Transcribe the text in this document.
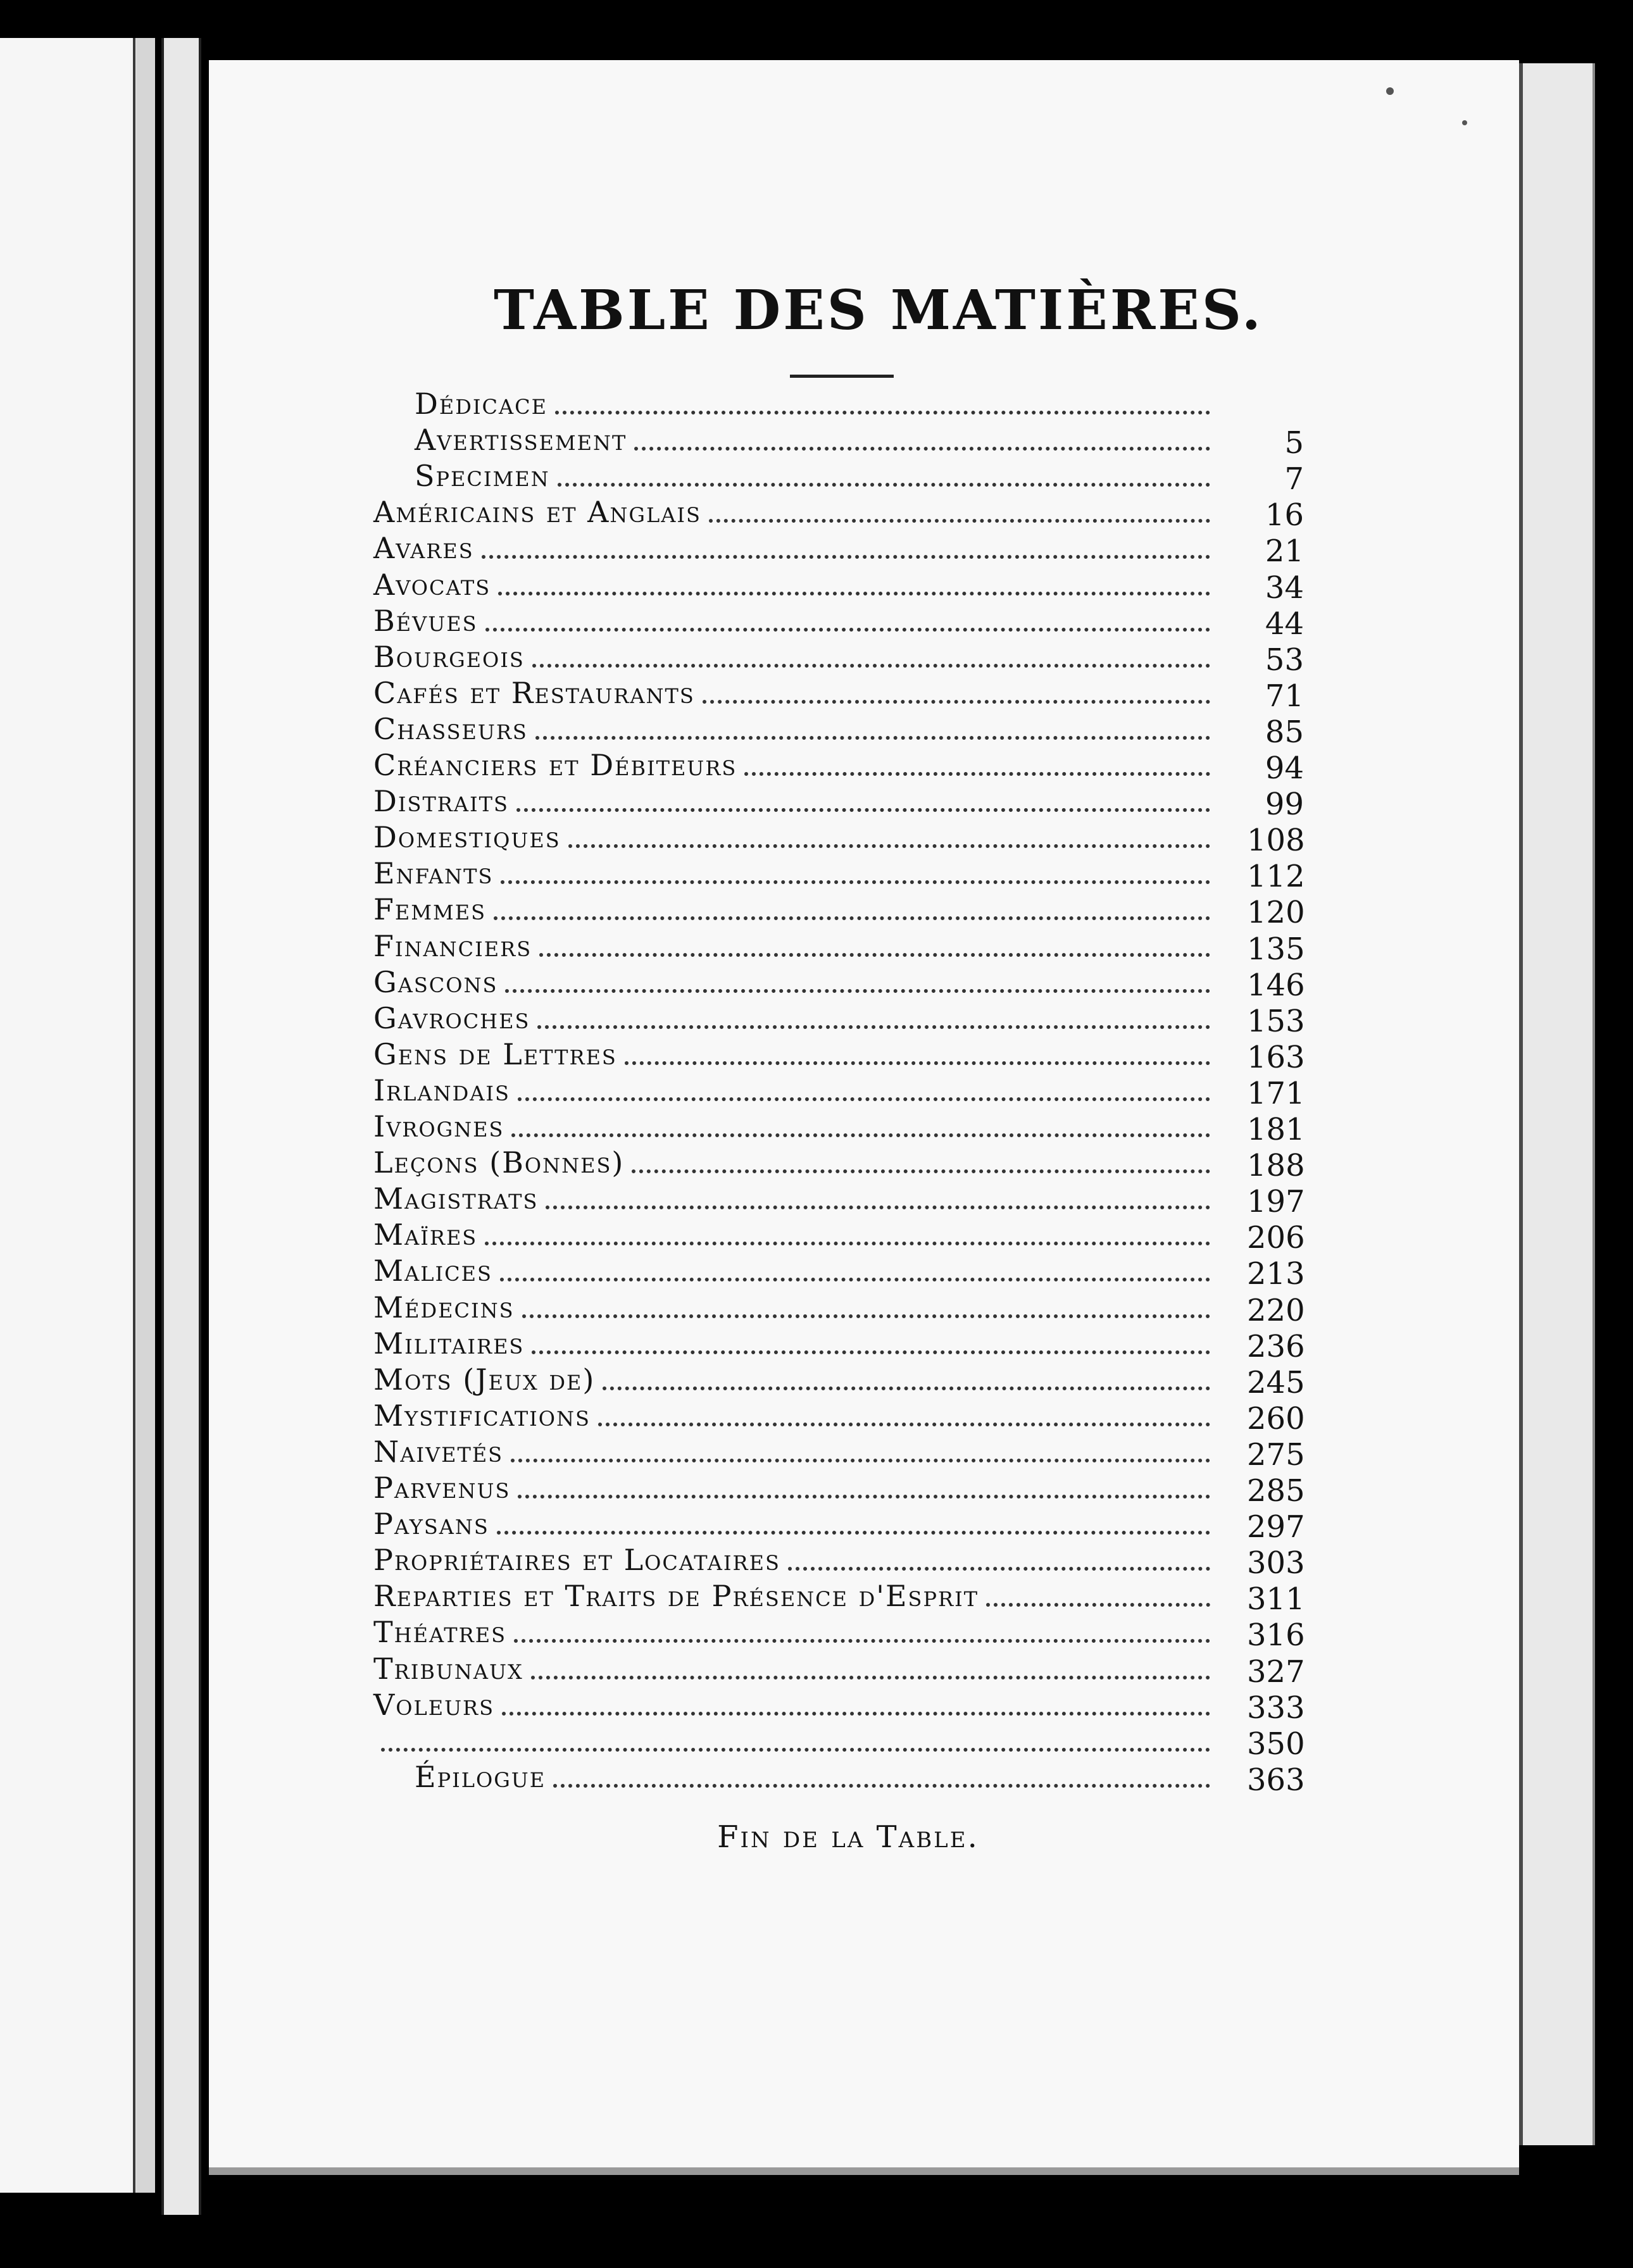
TABLE DES MATIÈRES.
Dédicace
Avertissement	5
Specimen	7
Américains et Anglais	16
Avares	21
Avocats	34
Bévues	44
Bourgeois	53
Cafés et Restaurants	71
Chasseurs	85
Créanciers et Débiteurs	94
Distraits	99
Domestiques	108
Enfants	112
Femmes	120
Financiers	135
Gascons	146
Gavroches	153
Gens de Lettres	163
Irlandais	171
Ivrognes	181
Leçons (Bonnes)	188
Magistrats	197
Maïres	206
Malices	213
Médecins	220
Militaires	236
Mots (Jeux de)	245
Mystifications	260
Naivetés	275
Parvenus	285
Paysans	297
Propriétaires et Locataires	303
Reparties et Traits de Présence d'Esprit	311
Théatres	316
Tribunaux	327
Voleurs	333
350
Épilogue	363
Fin de la Table.
